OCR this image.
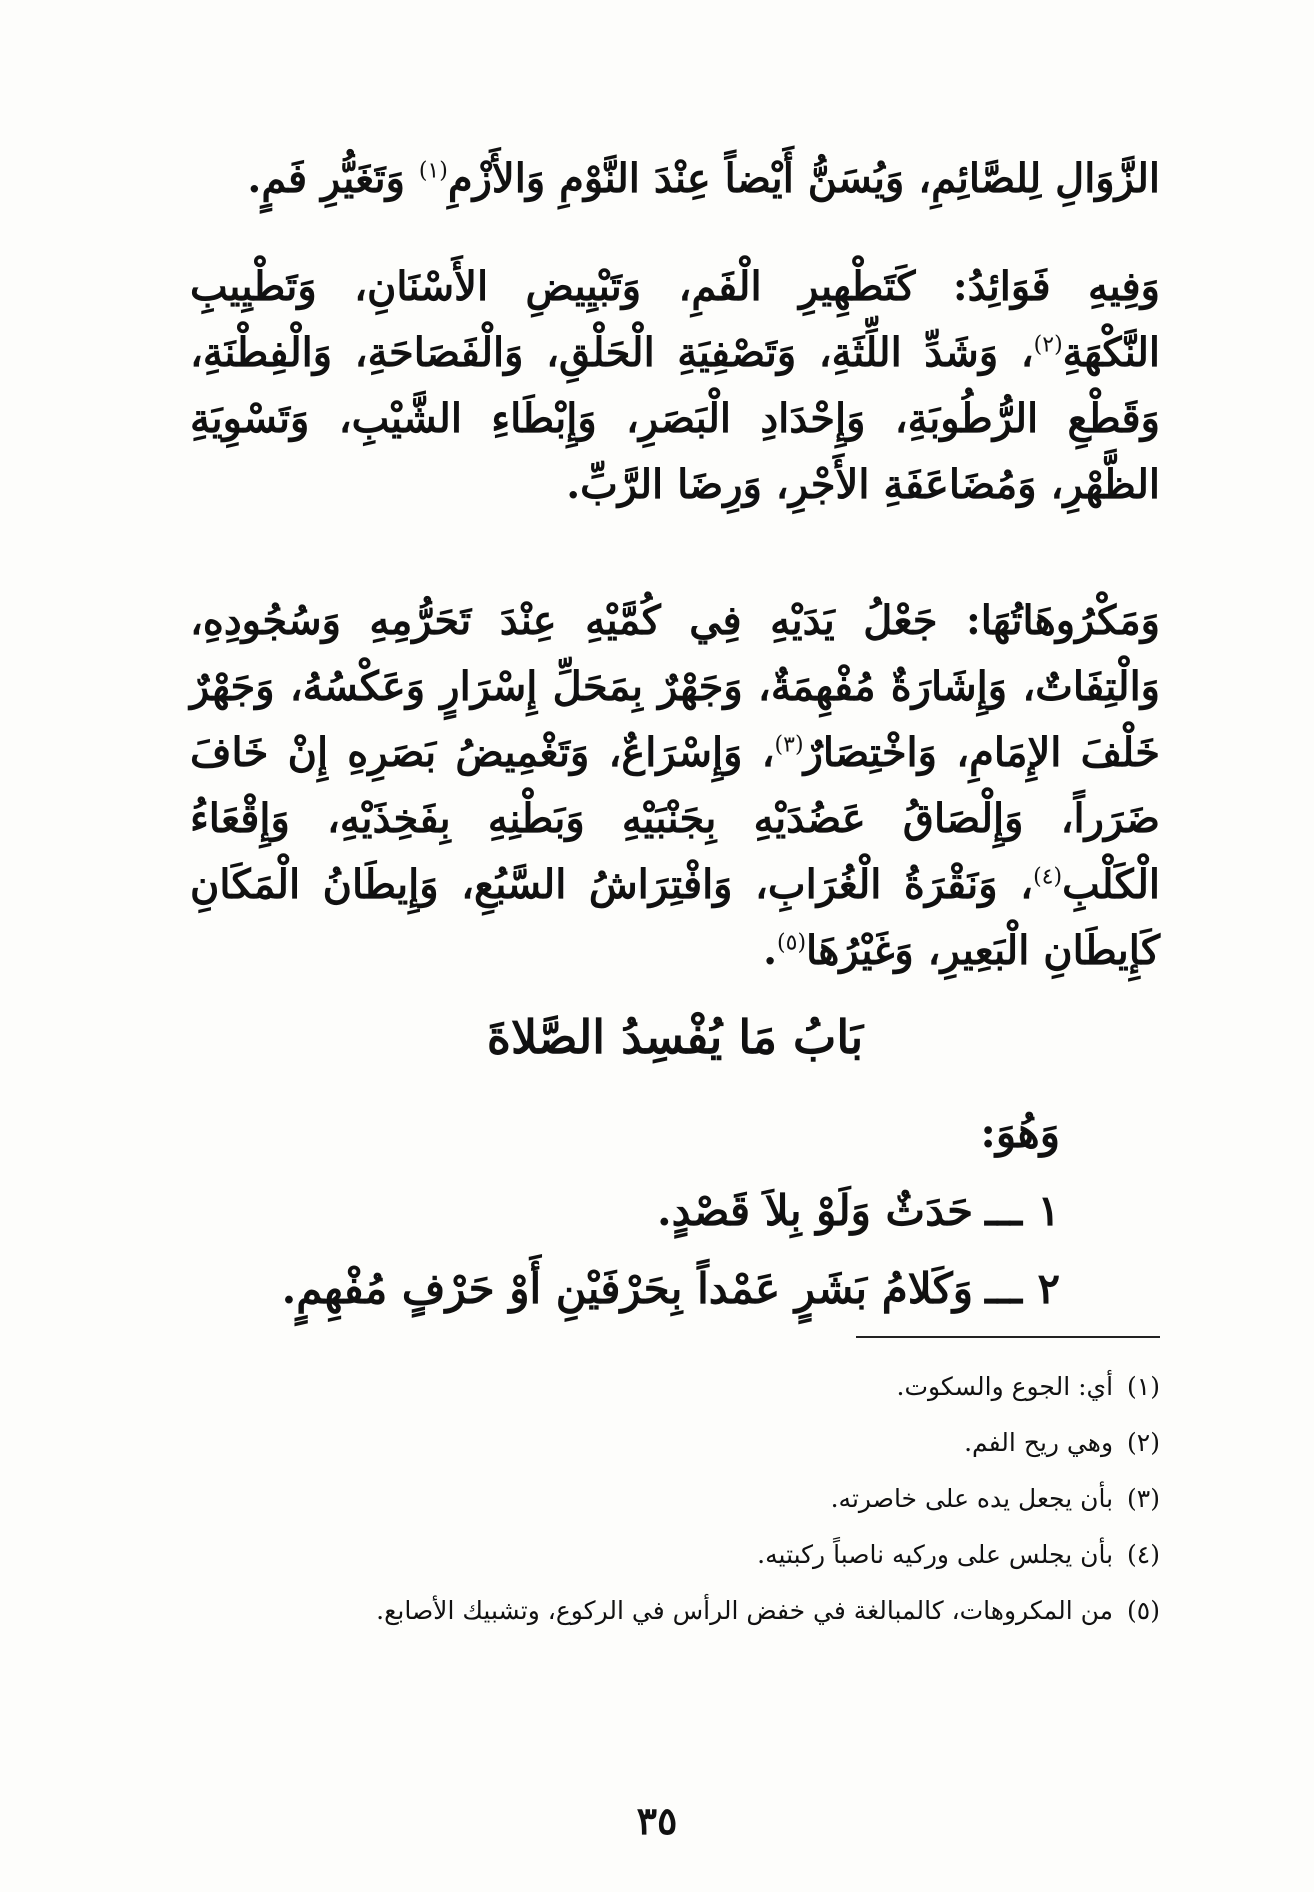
الزَّوَالِ لِلصَّائِمِ، وَيُسَنُّ أَيْضاً عِنْدَ النَّوْمِ وَالأَزْمِ$^{(١)}$ وَتَغَيُّرِ فَمٍ.

وَفِيهِ فَوَائِدُ: كَتَطْهِيرِ الْفَمِ، وَتَبْيِيضِ الأَسْنَانِ، وَتَطْيِيبِ النَّكْهَةِ$^{(٢)}$، وَشَدِّ اللِّثَةِ، وَتَصْفِيَةِ الْحَلْقِ، وَالْفَصَاحَةِ، وَالْفِطْنَةِ، وَقَطْعِ الرُّطُوبَةِ، وَإِحْدَادِ الْبَصَرِ، وَإِبْطَاءِ الشَّيْبِ، وَتَسْوِيَةِ الظَّهْرِ، وَمُضَاعَفَةِ الأَجْرِ، وَرِضَا الرَّبِّ.

وَمَكْرُوهَاتُهَا: جَعْلُ يَدَيْهِ فِي كُمَّيْهِ عِنْدَ تَحَرُّمِهِ وَسُجُودِهِ، وَالْتِفَاتٌ، وَإِشَارَةٌ مُفْهِمَةٌ، وَجَهْرٌ بِمَحَلِّ إِسْرَارٍ وَعَكْسُهُ، وَجَهْرٌ خَلْفَ الإِمَامِ، وَاخْتِصَارٌ$^{(٣)}$، وَإِسْرَاعٌ، وَتَغْمِيضُ بَصَرِهِ إِنْ خَافَ ضَرَراً، وَإِلْصَاقُ عَضُدَيْهِ بِجَنْبَيْهِ وَبَطْنِهِ بِفَخِذَيْهِ، وَإِقْعَاءُ الْكَلْبِ$^{(٤)}$، وَنَقْرَةُ الْغُرَابِ، وَافْتِرَاشُ السَّبُعِ، وَإِيطَانُ الْمَكَانِ كَإِيطَانِ الْبَعِيرِ، وَغَيْرُهَا$^{(٥)}$.

بَابُ مَا يُفْسِدُ الصَّلاةَ
وَهُوَ:
١ـــحَدَثٌ وَلَوْ بِلاَ قَصْدٍ.
٢ـــوَكَلامُ بَشَرٍ عَمْداً بِحَرْفَيْنِ أَوْ حَرْفٍ مُفْهِمٍ.
(١)أي: الجوع والسكوت.
(٢)وهي ريح الفم.
(٣)بأن يجعل يده على خاصرته.
(٤)بأن يجلس على وركيه ناصباً ركبتيه.
(٥)من المكروهات، كالمبالغة في خفض الرأس في الركوع، وتشبيك الأصابع.
٣٥
